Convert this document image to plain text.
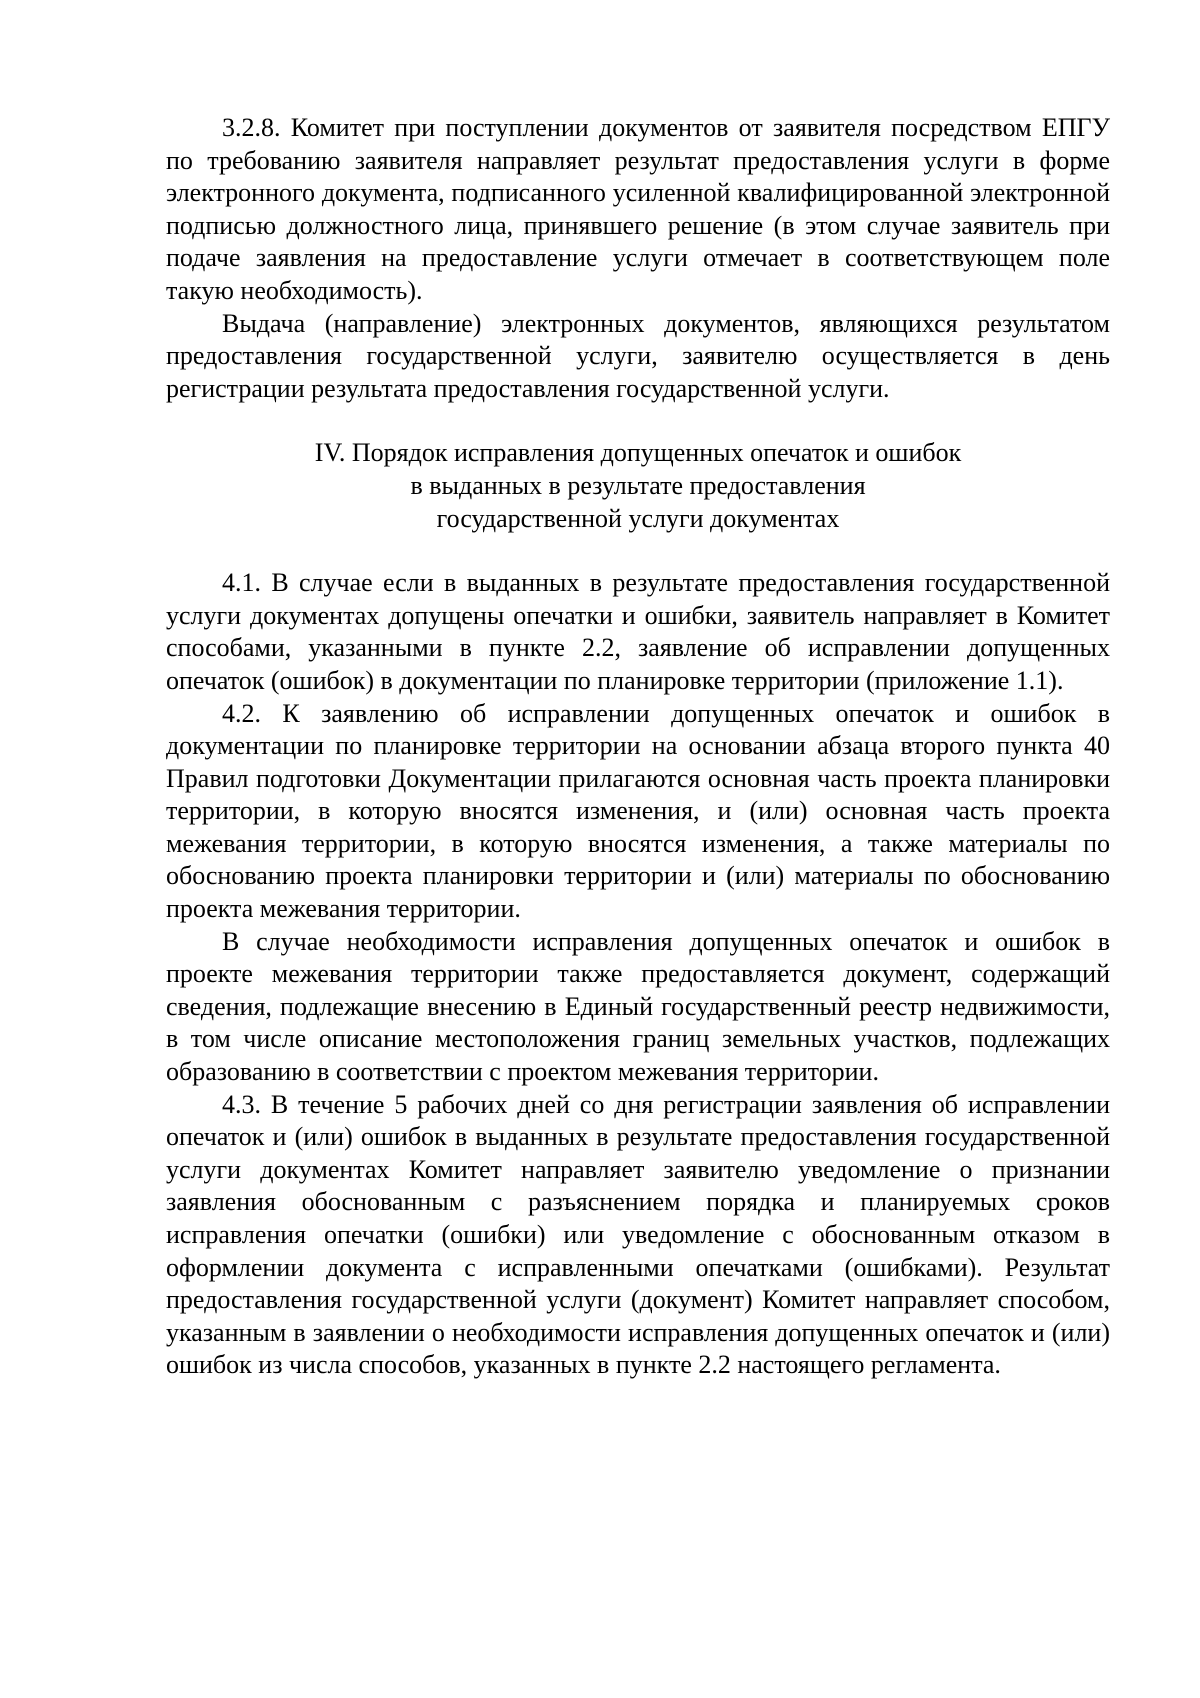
3.2.8. Комитет при поступлении документов от заявителя посредством ЕПГУ по требованию заявителя направляет результат предоставления услуги в форме электронного документа, подписанного усиленной квалифицированной электронной подписью должностного лица, принявшего решение (в этом случае заявитель при подаче заявления на предоставление услуги отмечает в соответствующем поле такую необходимость).

Выдача (направление) электронных документов, являющихся результатом предоставления государственной услуги, заявителю осуществляется в день регистрации результата предоставления государственной услуги.

IV. Порядок исправления допущенных опечаток и ошибок
в выданных в результате предоставления
государственной услуги документах

4.1. В случае если в выданных в результате предоставления государственной услуги документах допущены опечатки и ошибки, заявитель направляет в Комитет способами, указанными в пункте 2.2, заявление об исправлении допущенных опечаток (ошибок) в документации по планировке территории (приложение 1.1).

4.2. К заявлению об исправлении допущенных опечаток и ошибок в документации по планировке территории на основании абзаца второго пункта 40 Правил подготовки Документации прилагаются основная часть проекта планировки территории, в которую вносятся изменения, и (или) основная часть проекта межевания территории, в которую вносятся изменения, а также материалы по обоснованию проекта планировки территории и (или) материалы по обоснованию проекта межевания территории.

В случае необходимости исправления допущенных опечаток и ошибок в проекте межевания территории также предоставляется документ, содержащий сведения, подлежащие внесению в Единый государственный реестр недвижимости, в том числе описание местоположения границ земельных участков, подлежащих образованию в соответствии с проектом межевания территории.

4.3. В течение 5 рабочих дней со дня регистрации заявления об исправлении опечаток и (или) ошибок в выданных в результате предоставления государственной услуги документах Комитет направляет заявителю уведомление о признании заявления обоснованным с разъяснением порядка и планируемых сроков исправления опечатки (ошибки) или уведомление с обоснованным отказом в оформлении документа с исправленными опечатками (ошибками). Результат предоставления государственной услуги (документ) Комитет направляет способом, указанным в заявлении о необходимости исправления допущенных опечаток и (или) ошибок из числа способов, указанных в пункте 2.2 настоящего регламента.
